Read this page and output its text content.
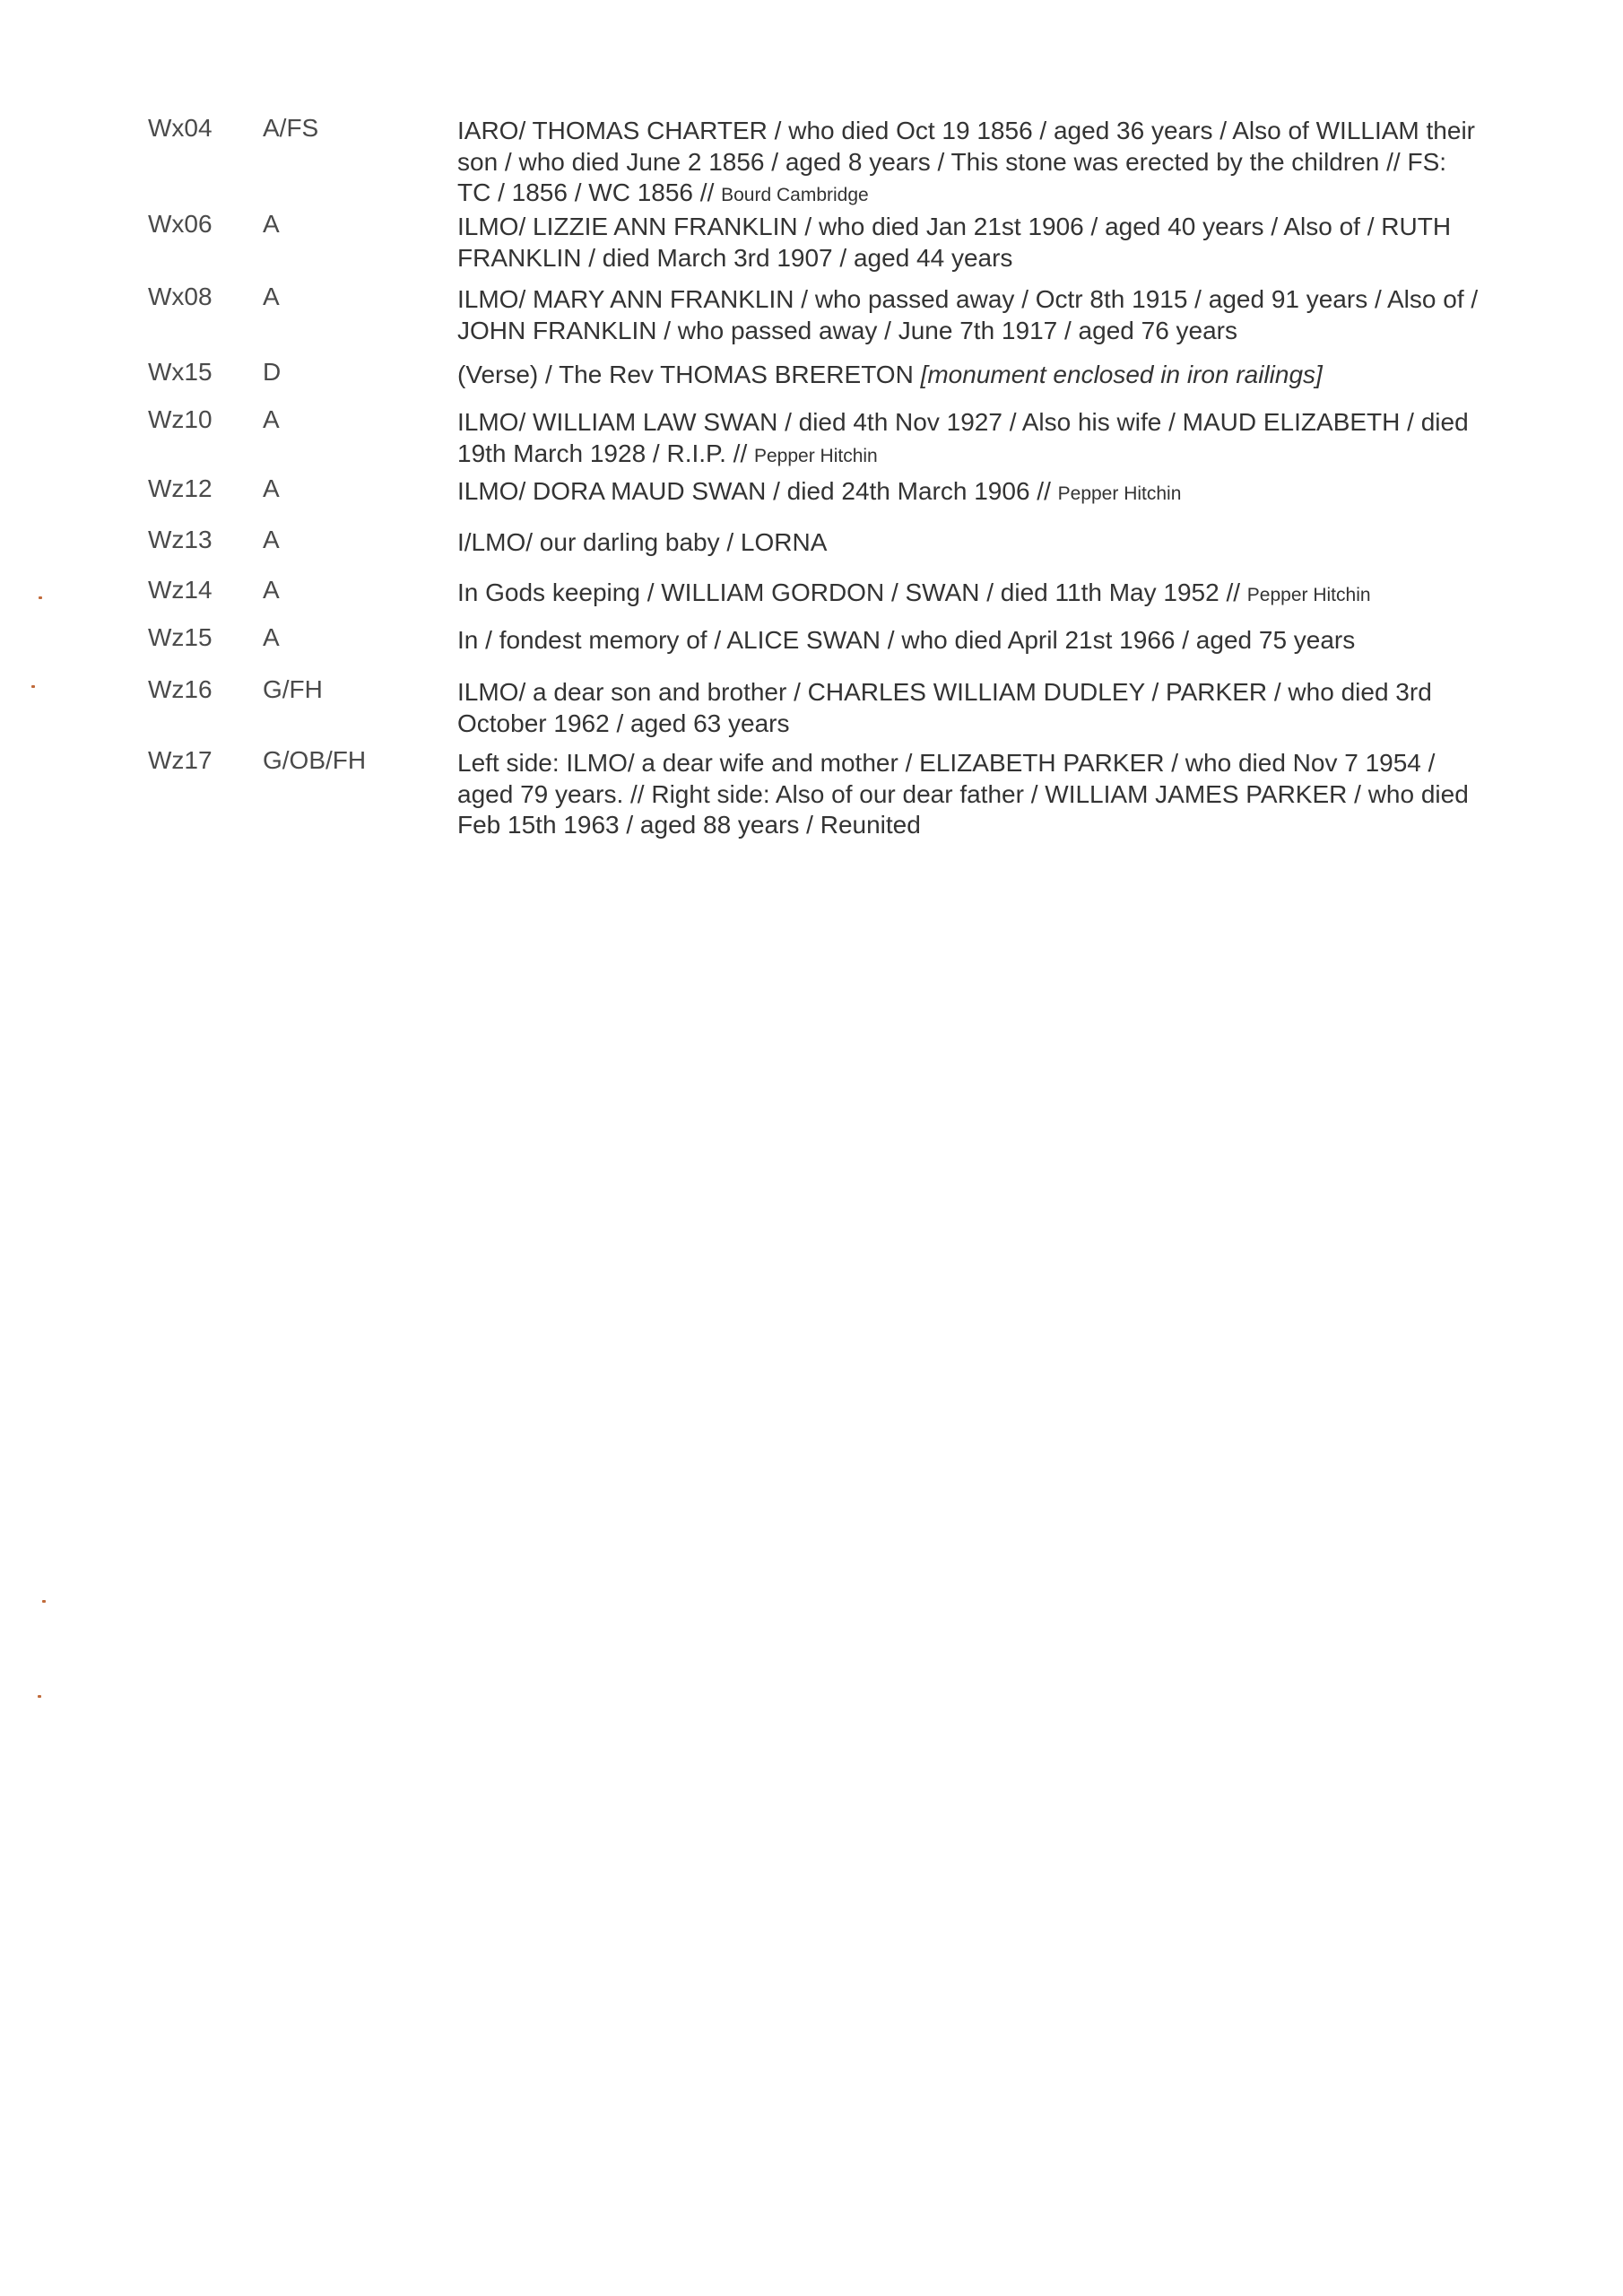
Wx04	A/FS	IARO/ THOMAS CHARTER / who died Oct 19 1856 / aged 36 years / Also of WILLIAM their son / who died June 2 1856 / aged 8 years / This stone was erected by the children // FS: TC / 1856 / WC 1856 // Bourd Cambridge
Wx06	A	ILMO/ LIZZIE ANN FRANKLIN / who died Jan 21st 1906 / aged 40 years / Also of / RUTH FRANKLIN / died March 3rd 1907 / aged 44 years
Wx08	A	ILMO/ MARY ANN FRANKLIN / who passed away / Octr 8th 1915 / aged 91 years / Also of / JOHN FRANKLIN / who passed away / June 7th 1917 / aged 76 years
Wx15	D	(Verse) / The Rev THOMAS BRERETON [monument enclosed in iron railings]
Wz10	A	ILMO/ WILLIAM LAW SWAN / died 4th Nov 1927 / Also his wife / MAUD ELIZABETH / died 19th March 1928 / R.I.P. // Pepper Hitchin
Wz12	A	ILMO/ DORA MAUD SWAN / died 24th March 1906 // Pepper Hitchin
Wz13	A	I/LMO/ our darling baby / LORNA
Wz14	A	In Gods keeping / WILLIAM GORDON / SWAN / died 11th May 1952 // Pepper Hitchin
Wz15	A	In / fondest memory of / ALICE SWAN / who died April 21st 1966 / aged 75 years
Wz16	G/FH	ILMO/ a dear son and brother / CHARLES WILLIAM DUDLEY / PARKER / who died 3rd October 1962 / aged 63 years
Wz17	G/OB/FH	Left side: ILMO/ a dear wife and mother / ELIZABETH PARKER / who died Nov 7 1954 / aged 79 years. // Right side: Also of our dear father / WILLIAM JAMES PARKER / who died Feb 15th 1963 / aged 88 years / Reunited
